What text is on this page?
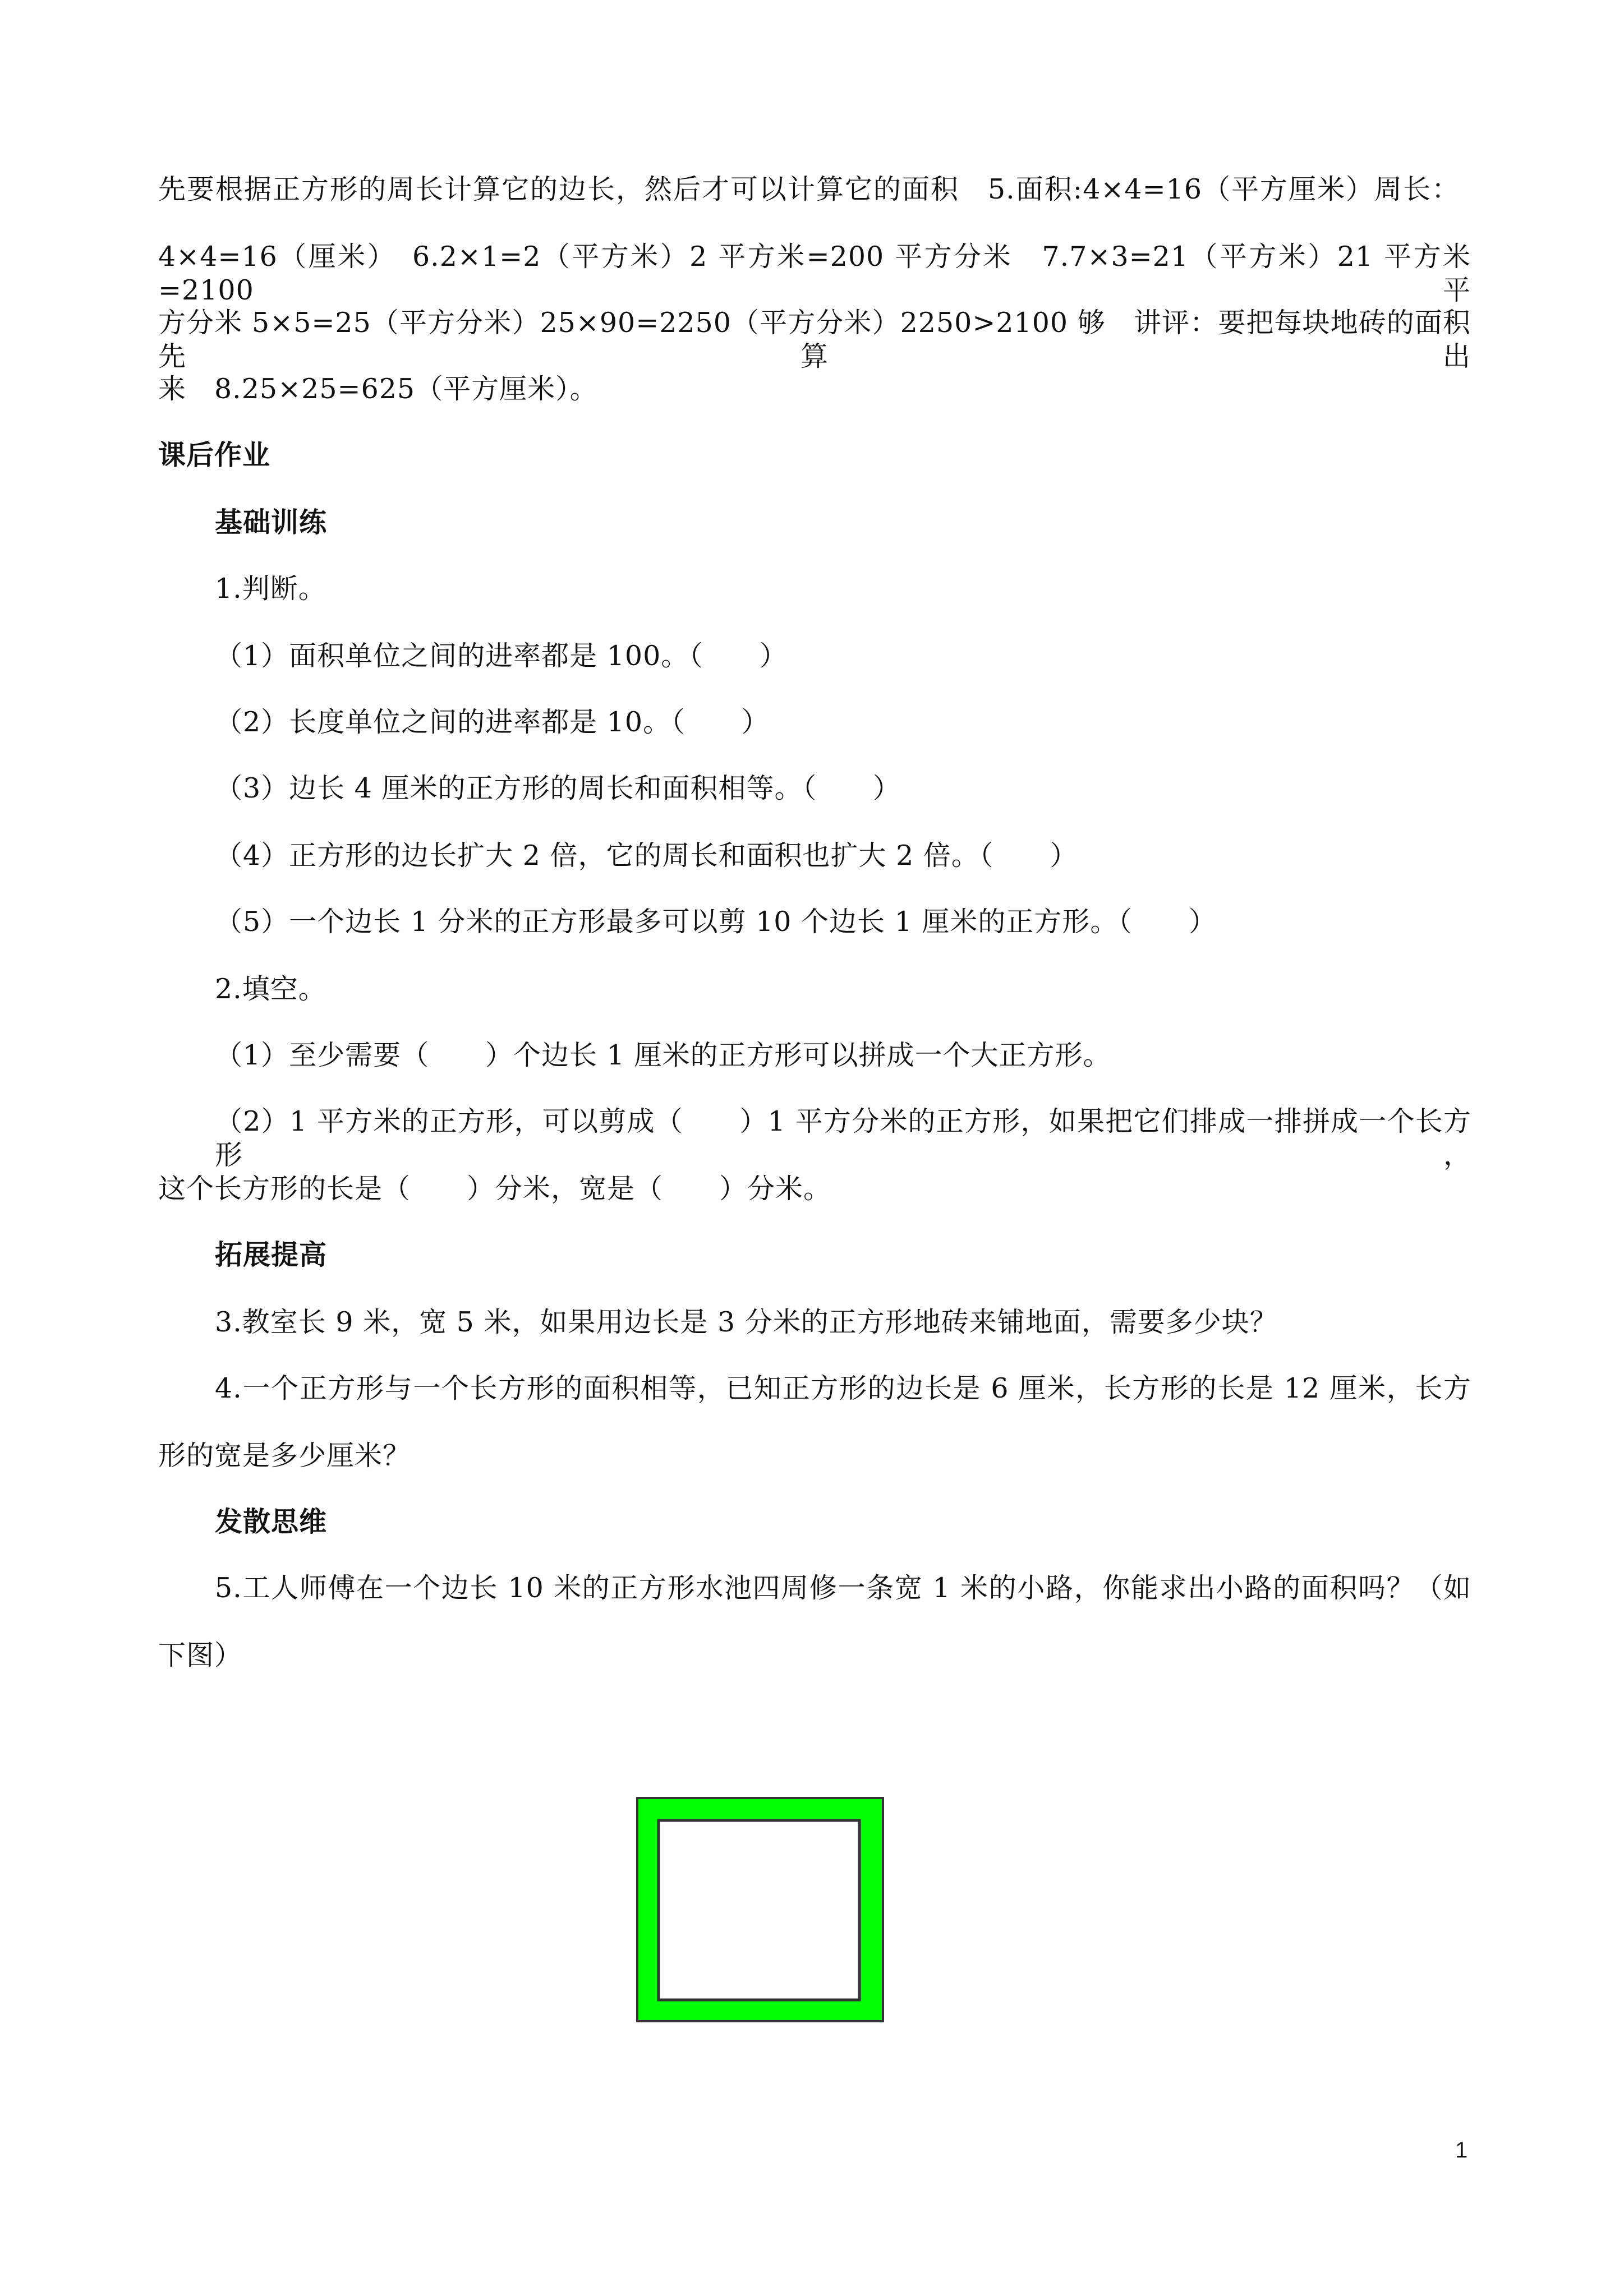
先要根据正方形的周长计算它的边长，然后才可以计算它的面积　5.面积:4×4=16（平方厘米）周长：
4×4=16（厘米）　6.2×1=2（平方米）2 平方米=200 平方分米　7.7×3=21（平方米）21 平方米=2100 平
方分米 5×5=25（平方分米）25×90=2250（平方分米）2250>2100 够　讲评：要把每块地砖的面积先算出
来　8.25×25=625（平方厘米）。
课后作业
基础训练
1.判断。
（1）面积单位之间的进率都是 100。（　　）
（2）长度单位之间的进率都是 10。（　　）
（3）边长 4 厘米的正方形的周长和面积相等。（　　）
（4）正方形的边长扩大 2 倍，它的周长和面积也扩大 2 倍。（　　）
（5）一个边长 1 分米的正方形最多可以剪 10 个边长 1 厘米的正方形。（　　）
2.填空。
（1）至少需要（　　）个边长 1 厘米的正方形可以拼成一个大正方形。
（2）1 平方米的正方形，可以剪成（　　）1 平方分米的正方形，如果把它们排成一排拼成一个长方形，
这个长方形的长是（　　）分米，宽是（　　）分米。
拓展提高
3.教室长 9 米，宽 5 米，如果用边长是 3 分米的正方形地砖来铺地面，需要多少块？
4.一个正方形与一个长方形的面积相等，已知正方形的边长是 6 厘米，长方形的长是 12 厘米，长方
形的宽是多少厘米？
发散思维
5.工人师傅在一个边长 10 米的正方形水池四周修一条宽 1 米的小路，你能求出小路的面积吗？（如
下图）
1
